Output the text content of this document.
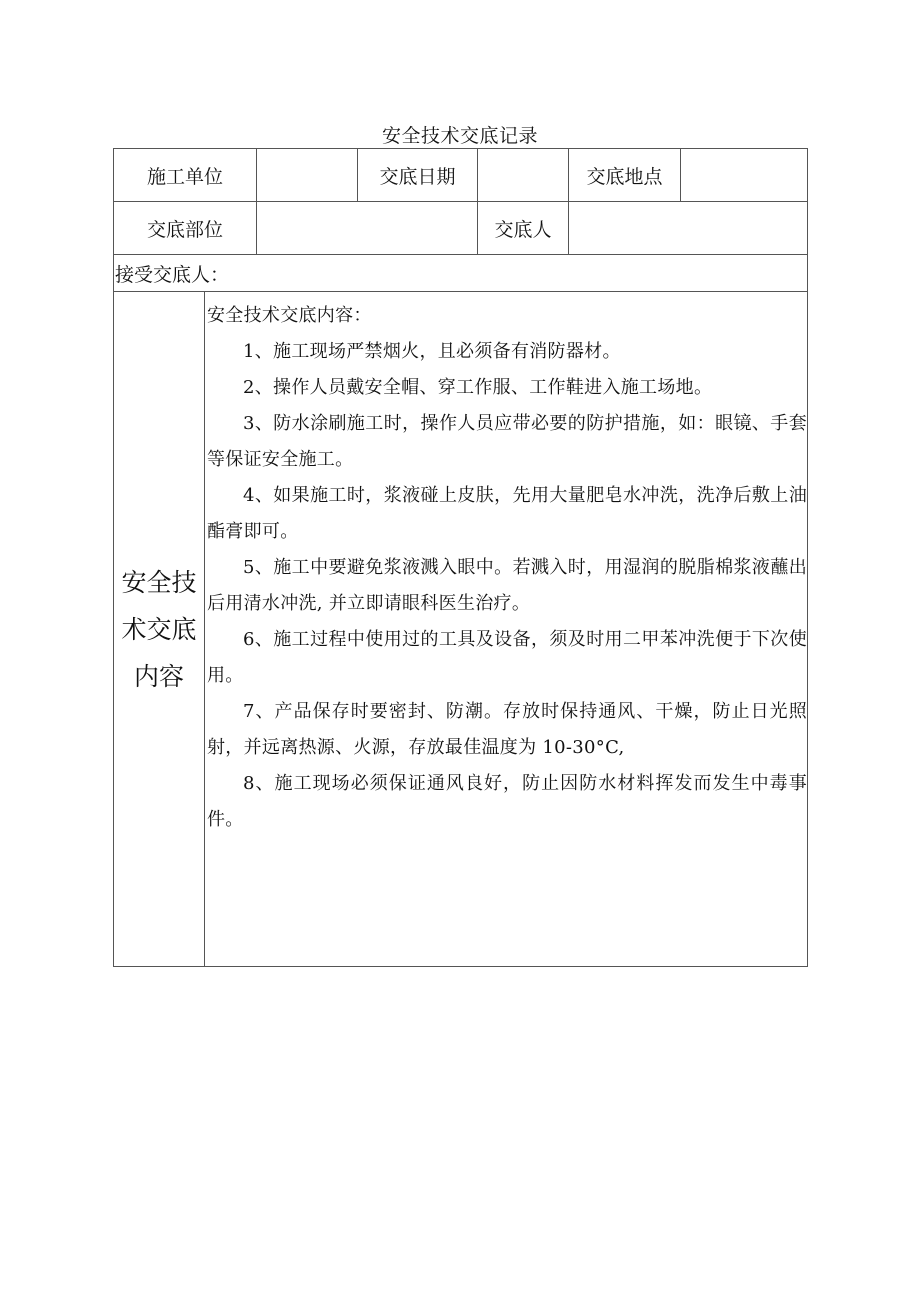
安全技术交底记录
施工单位	交底日期	交底地点
交底部位	交底人
接受交底人：
安全技术交底内容

安全技术交底内容：

1、施工现场严禁烟火，且必须备有消防器材。

2、操作人员戴安全帽、穿工作服、工作鞋进入施工场地。

3、防水涂刷施工时，操作人员应带必要的防护措施，如：眼镜、手套等保证安全施工。

4、如果施工时，浆液碰上皮肤，先用大量肥皂水冲洗，洗净后敷上油酯膏即可。

5、施工中要避免浆液溅入眼中。若溅入时，用湿润的脱脂棉浆液蘸出后用清水冲洗, 并立即请眼科医生治疗。

6、施工过程中使用过的工具及设备，须及时用二甲苯冲洗便于下次使用。

7、产品保存时要密封、防潮。存放时保持通风、干燥，防止日光照射，并远离热源、火源，存放最佳温度为 10-30°C,

8、施工现场必须保证通风良好，防止因防水材料挥发而发生中毒事件。
